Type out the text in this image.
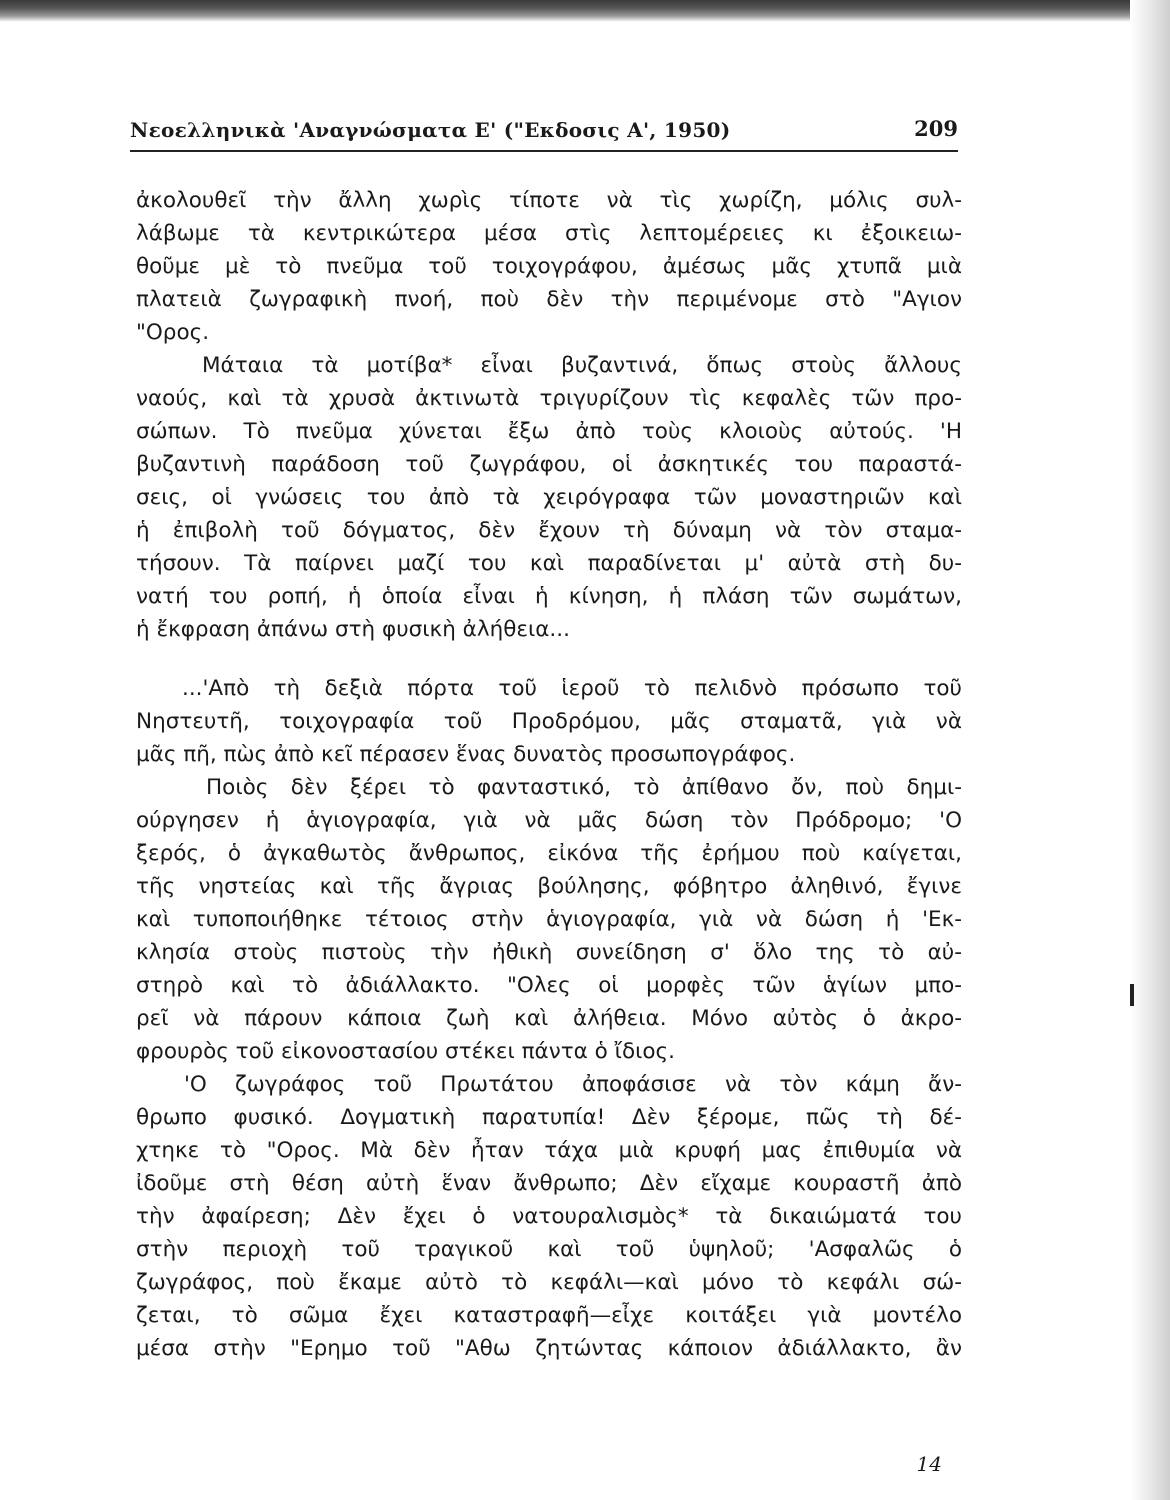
Νεοελληνικὰ 'Αναγνώσματα Ε' ("Εκδοσις Α', 1950)	209
ἀκολουθεῖ τὴν ἄλλη χωρὶς τίποτε νὰ τὶς χωρίζη, μόλις συλ-
λάβωμε τὰ κεντρικώτερα μέσα στὶς λεπτομέρειες κι ἐξοικειω-
θοῦμε μὲ τὸ πνεῦμα τοῦ τοιχογράφου, ἀμέσως μᾶς χτυπᾶ μιὰ
πλατειὰ ζωγραφικὴ πνοή, ποὺ δὲν τὴν περιμένομε στὸ "Αγιον
"Ορος.
Μάταια τὰ μοτίβα* εἶναι βυζαντινά, ὅπως στοὺς ἄλλους
ναούς, καὶ τὰ χρυσὰ ἀκτινωτὰ τριγυρίζουν τὶς κεφαλὲς τῶν προ-
σώπων. Τὸ πνεῦμα χύνεται ἔξω ἀπὸ τοὺς κλοιοὺς αὐτούς. 'Η
βυζαντινὴ παράδοση τοῦ ζωγράφου, οἱ ἀσκητικές του παραστά-
σεις, οἱ γνώσεις του ἀπὸ τὰ χειρόγραφα τῶν μοναστηριῶν καὶ
ἡ ἐπιβολὴ τοῦ δόγματος, δὲν ἔχουν τὴ δύναμη νὰ τὸν σταμα-
τήσουν. Τὰ παίρνει μαζί του καὶ παραδίνεται μ' αὐτὰ στὴ δυ-
νατή του ροπή, ἡ ὁποία εἶναι ἡ κίνηση, ἡ πλάση τῶν σωμάτων,
ἡ ἔκφραση ἀπάνω στὴ φυσικὴ ἀλήθεια...
...'Απὸ τὴ δεξιὰ πόρτα τοῦ ἱεροῦ τὸ πελιδνὸ πρόσωπο τοῦ
Νηστευτῆ, τοιχογραφία τοῦ Προδρόμου, μᾶς σταματᾶ, γιὰ νὰ
μᾶς πῆ, πὼς ἀπὸ κεῖ πέρασεν ἕνας δυνατὸς προσωπογράφος.
Ποιὸς δὲν ξέρει τὸ φανταστικό, τὸ ἀπίθανο ὄν, ποὺ δημι-
ούργησεν ἡ ἁγιογραφία, γιὰ νὰ μᾶς δώση τὸν Πρόδρομο; 'Ο
ξερός, ὁ ἀγκαθωτὸς ἄνθρωπος, εἰκόνα τῆς ἐρήμου ποὺ καίγεται,
τῆς νηστείας καὶ τῆς ἄγριας βούλησης, φόβητρο ἀληθινό, ἔγινε
καὶ τυποποιήθηκε τέτοιος στὴν ἁγιογραφία, γιὰ νὰ δώση ἡ 'Εκ-
κλησία στοὺς πιστοὺς τὴν ἠθικὴ συνείδηση σ' ὅλο της τὸ αὐ-
στηρὸ καὶ τὸ ἀδιάλλακτο. "Ολες οἱ μορφὲς τῶν ἁγίων μπο-
ρεῖ νὰ πάρουν κάποια ζωὴ καὶ ἀλήθεια. Μόνο αὐτὸς ὁ ἀκρο-
φρουρὸς τοῦ εἰκονοστασίου στέκει πάντα ὁ ἴδιος.
'Ο ζωγράφος τοῦ Πρωτάτου ἀποφάσισε νὰ τὸν κάμη ἄν-
θρωπο φυσικό. Δογματικὴ παρατυπία! Δὲν ξέρομε, πῶς τὴ δέ-
χτηκε τὸ "Ορος. Μὰ δὲν ἦταν τάχα μιὰ κρυφή μας ἐπιθυμία νὰ
ἰδοῦμε στὴ θέση αὐτὴ ἕναν ἄνθρωπο; Δὲν εἴχαμε κουραστῆ ἀπὸ
τὴν ἀφαίρεση; Δὲν ἔχει ὁ νατουραλισμὸς* τὰ δικαιώματά του
στὴν περιοχὴ τοῦ τραγικοῦ καὶ τοῦ ὑψηλοῦ; 'Ασφαλῶς ὁ
ζωγράφος, ποὺ ἔκαμε αὐτὸ τὸ κεφάλι—καὶ μόνο τὸ κεφάλι σώ-
ζεται, τὸ σῶμα ἔχει καταστραφῆ—εἶχε κοιτάξει γιὰ μοντέλο
μέσα στὴν "Ερημο τοῦ "Αθω ζητώντας κάποιον ἀδιάλλακτο, ἂν
14
